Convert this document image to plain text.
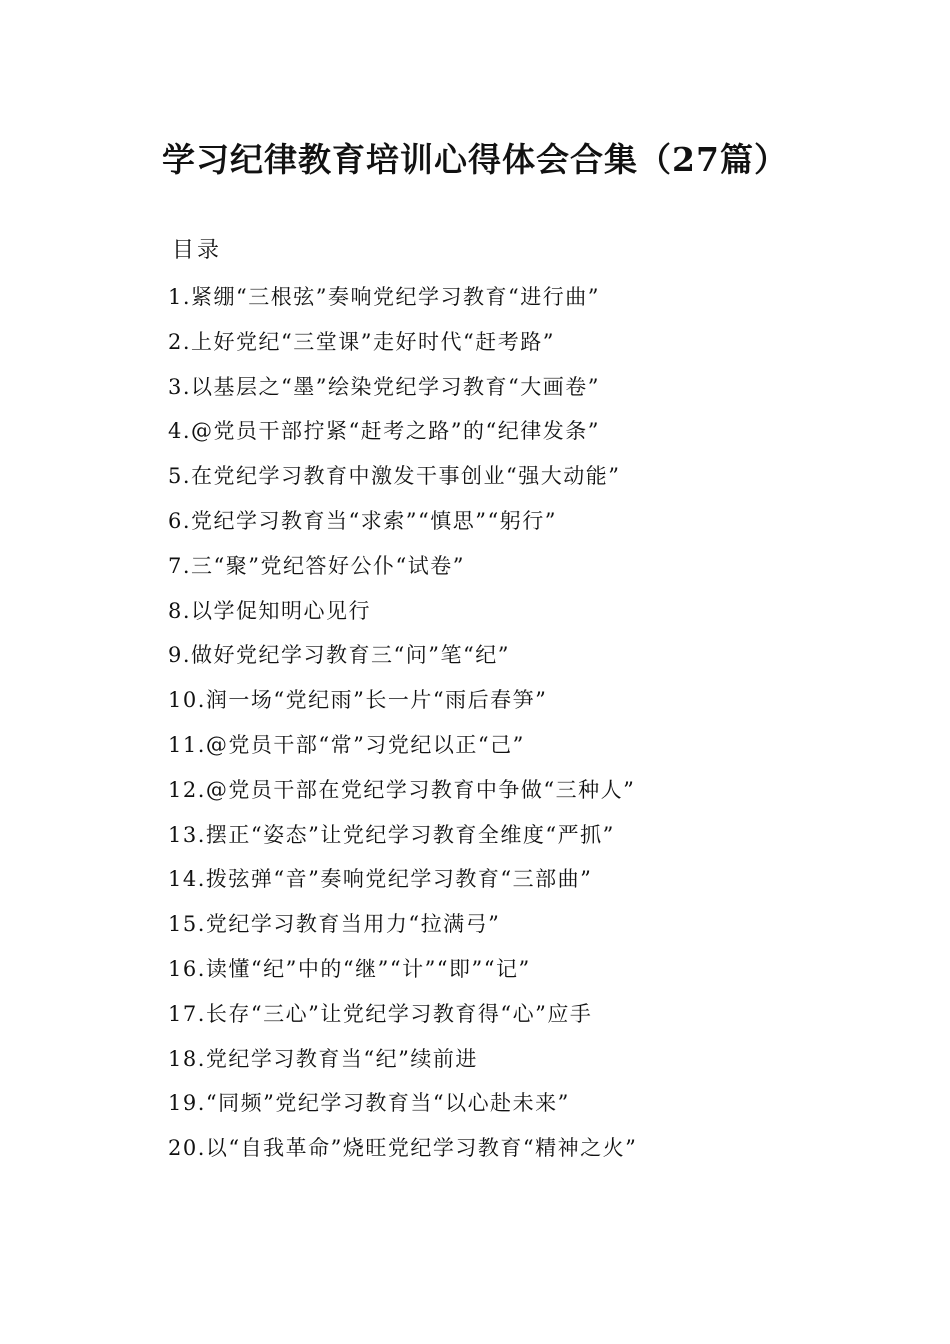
学习纪律教育培训心得体会合集（27篇）
目录
1.紧绷“三根弦”奏响党纪学习教育“进行曲”
2.上好党纪“三堂课”走好时代“赶考路”
3.以基层之“墨”绘染党纪学习教育“大画卷”
4.@党员干部拧紧“赶考之路”的“纪律发条”
5.在党纪学习教育中激发干事创业“强大动能”
6.党纪学习教育当“求索”“慎思”“躬行”
7.三“聚”党纪答好公仆“试卷”
8.以学促知明心见行
9.做好党纪学习教育三“问”笔“纪”
10.润一场“党纪雨”长一片“雨后春笋”
11.@党员干部“常”习党纪以正“己”
12.@党员干部在党纪学习教育中争做“三种人”
13.摆正“姿态”让党纪学习教育全维度“严抓”
14.拨弦弹“音”奏响党纪学习教育“三部曲”
15.党纪学习教育当用力“拉满弓”
16.读懂“纪”中的“继”“计”“即”“记”
17.长存“三心”让党纪学习教育得“心”应手
18.党纪学习教育当“纪”续前进
19.“同频”党纪学习教育当“以心赴未来”
20.以“自我革命”烧旺党纪学习教育“精神之火”
